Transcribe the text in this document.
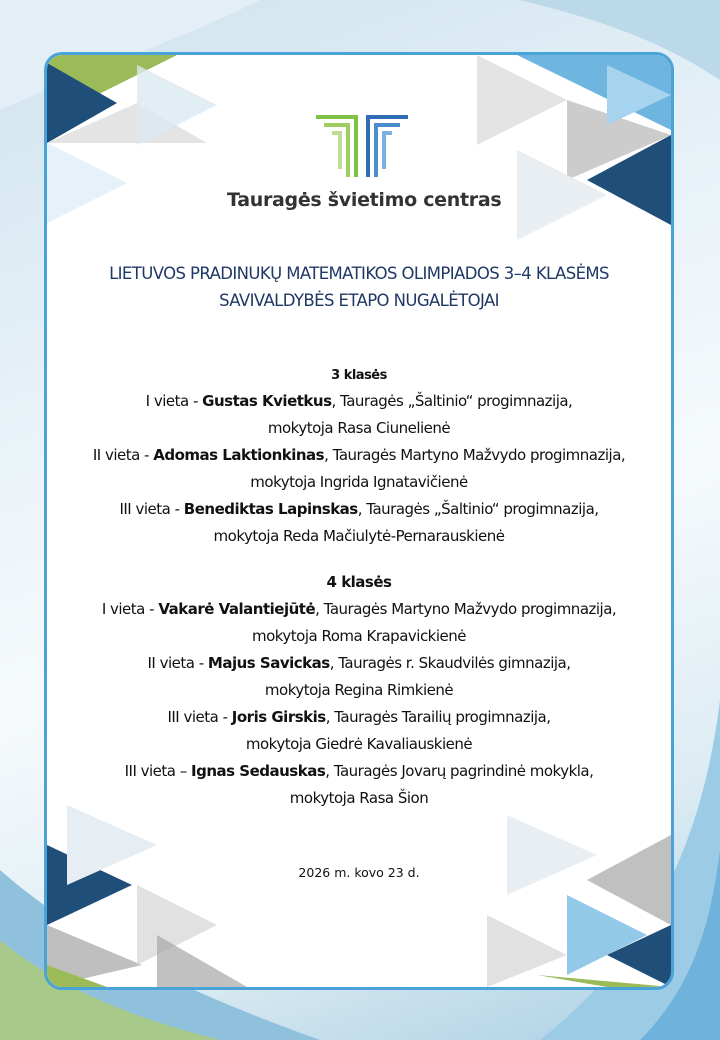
Tauragės švietimo centras
LIETUVOS PRADINUKŲ MATEMATIKOS OLIMPIADOS 3–4 KLASĖMS
SAVIVALDYBĖS ETAPO NUGALĖTOJAI
3 klasės
I vieta - Gustas Kvietkus, Tauragės „Šaltinio“ progimnazija,
mokytoja Rasa Ciunelienė
II vieta - Adomas Laktionkinas, Tauragės Martyno Mažvydo progimnazija,
mokytoja Ingrida Ignatavičienė
III vieta - Benediktas Lapinskas, Tauragės „Šaltinio“ progimnazija,
mokytoja Reda Mačiulytė-Pernarauskienė
4 klasės
I vieta - Vakarė Valantiejūtė, Tauragės Martyno Mažvydo progimnazija,
mokytoja Roma Krapavickienė
II vieta - Majus Savickas, Tauragės r. Skaudvilės gimnazija,
mokytoja Regina Rimkienė
III vieta - Joris Girskis, Tauragės Tarailių progimnazija,
mokytoja Giedrė Kavaliauskienė
III vieta – Ignas Sedauskas, Tauragės Jovarų pagrindinė mokykla,
mokytoja Rasa Šion
2026 m. kovo 23 d.
